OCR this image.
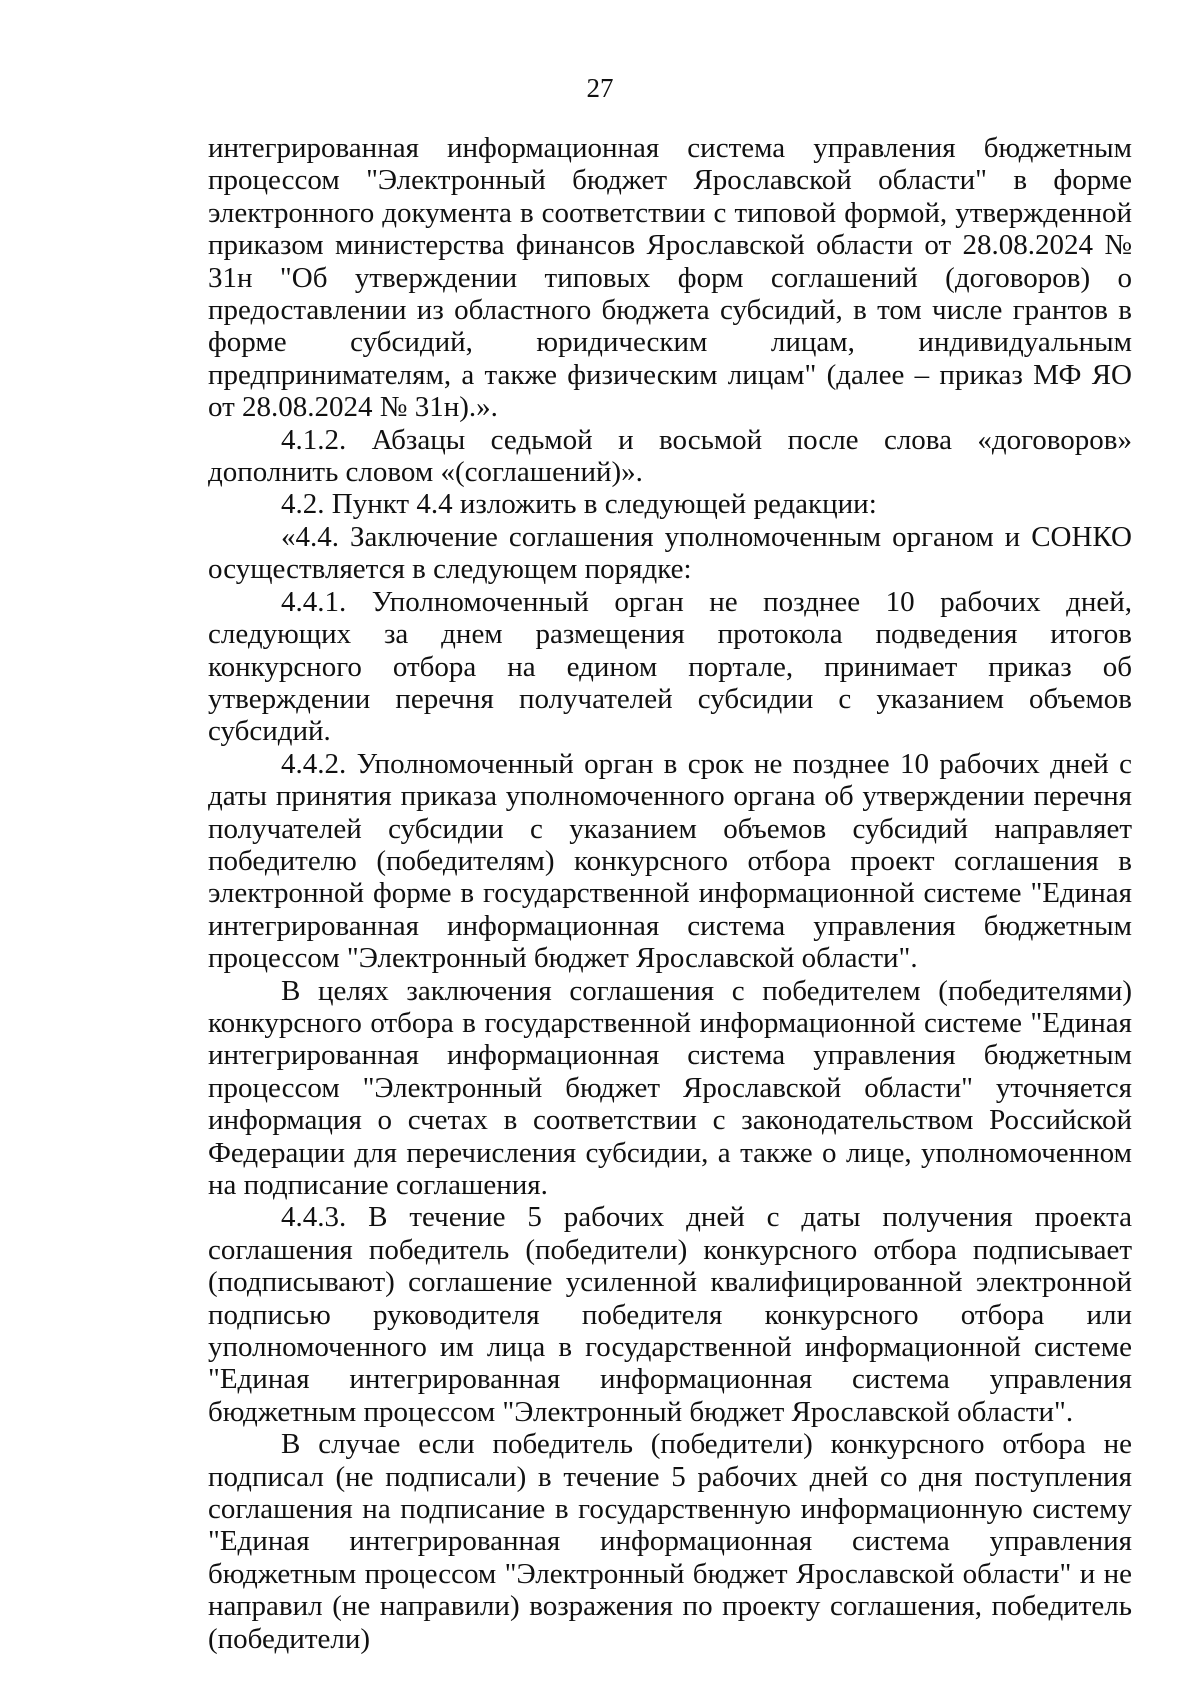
27

интегрированная информационная система управления бюджетным процессом "Электронный бюджет Ярославской области" в форме электронного документа в соответствии с типовой формой, утвержденной приказом министерства финансов Ярославской области от 28.08.2024 № 31н "Об утверждении типовых форм соглашений (договоров) о предоставлении из областного бюджета субсидий, в том числе грантов в форме субсидий, юридическим лицам, индивидуальным предпринимателям, а также физическим лицам" (далее – приказ МФ ЯО от 28.08.2024 № 31н).».

4.1.2. Абзацы седьмой и восьмой после слова «договоров» дополнить словом «(соглашений)».

4.2. Пункт 4.4 изложить в следующей редакции:

«4.4. Заключение соглашения уполномоченным органом и СОНКО осуществляется в следующем порядке:

4.4.1. Уполномоченный орган не позднее 10 рабочих дней, следующих за днем размещения протокола подведения итогов конкурсного отбора на едином портале, принимает приказ об утверждении перечня получателей субсидии с указанием объемов субсидий.

4.4.2. Уполномоченный орган в срок не позднее 10 рабочих дней с даты принятия приказа уполномоченного органа об утверждении перечня получателей субсидии с указанием объемов субсидий направляет победителю (победителям) конкурсного отбора проект соглашения в электронной форме в государственной информационной системе "Единая интегрированная информационная система управления бюджетным процессом "Электронный бюджет Ярославской области".

В целях заключения соглашения с победителем (победителями) конкурсного отбора в государственной информационной системе "Единая интегрированная информационная система управления бюджетным процессом "Электронный бюджет Ярославской области" уточняется информация о счетах в соответствии с законодательством Российской Федерации для перечисления субсидии, а также о лице, уполномоченном на подписание соглашения.

4.4.3. В течение 5 рабочих дней с даты получения проекта соглашения победитель (победители) конкурсного отбора подписывает (подписывают) соглашение усиленной квалифицированной электронной подписью руководителя победителя конкурсного отбора или уполномоченного им лица в государственной информационной системе "Единая интегрированная информационная система управления бюджетным процессом "Электронный бюджет Ярославской области".

В случае если победитель (победители) конкурсного отбора не подписал (не подписали) в течение 5 рабочих дней со дня поступления соглашения на подписание в государственную информационную систему "Единая интегрированная информационная система управления бюджетным процессом "Электронный бюджет Ярославской области" и не направил (не направили) возражения по проекту соглашения, победитель (победители)
